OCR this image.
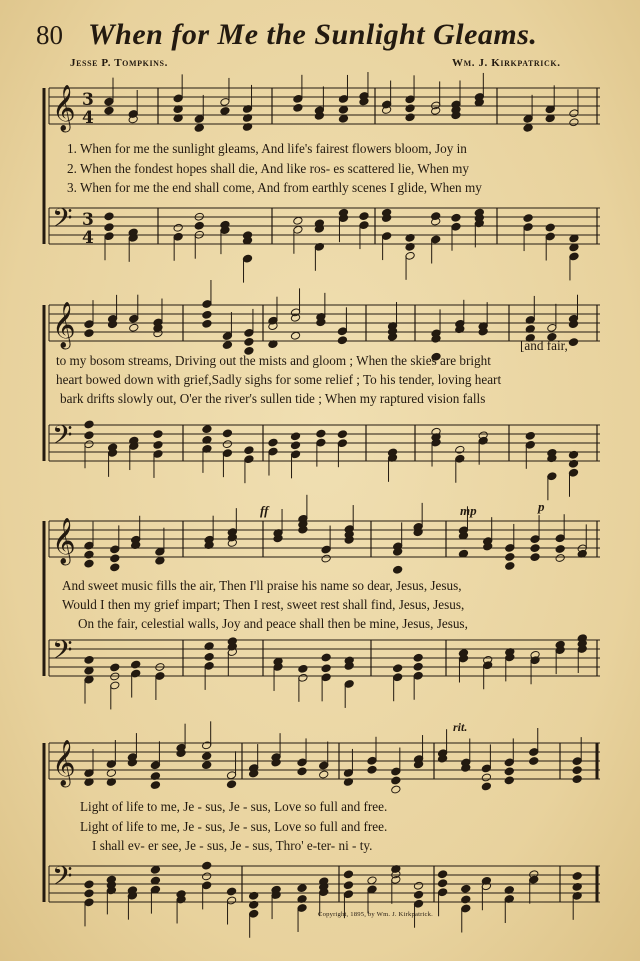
80 When for Me the Sunlight Gleams.
Jesse P. Tompkins.	Wm. J. Kirkpatrick.
𝄞
𝄢
3
4
3
4
𝄞
𝄢
𝄞
𝄢
𝄞
𝄢
1. When for me the sunlight gleams, And life's fairest flowers bloom, Joy in
2. When the fondest hopes shall die, And like ros- es scattered lie, When my
3. When for me the end shall come, And from earthly scenes I glide, When my
[and fair,
to my bosom streams, Driving out the mists and gloom ; When the skies are bright
heart bowed down with grief,Sadly sighs for some relief ; To his tender, loving heart
bark drifts slowly out, O'er the river's sullen tide ; When my raptured vision falls
And sweet music fills the air, Then I'll praise his name so dear, Jesus, Jesus,
Would I then my grief impart; Then I rest, sweet rest shall find, Jesus, Jesus,
On the fair, celestial walls, Joy and peace shall then be mine, Jesus, Jesus,
Light of life to me, Je - sus, Je - sus, Love so full and free.
Light of life to me, Je - sus, Je - sus, Love so full and free.
I shall ev- er see, Je - sus, Je - sus, Thro' e-ter- ni - ty.
ff	mp	p
rit.
Copyright, 1895, by Wm. J. Kirkpatrick.
